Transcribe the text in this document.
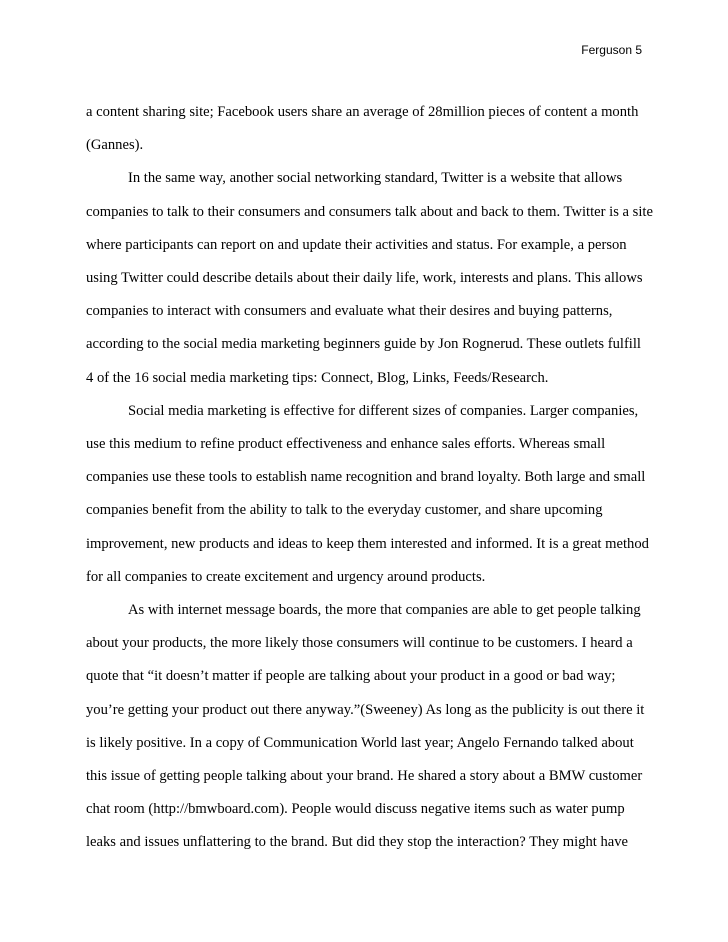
Ferguson 5
a content sharing site; Facebook users share an average of 28million pieces of content a month
(Gannes).
In the same way, another social networking standard, Twitter is a website that allows
companies to talk to their consumers and consumers talk about and back to them. Twitter is a site
where participants can report on and update their activities and status. For example, a person
using Twitter could describe details about their daily life, work, interests and plans. This allows
companies to interact with consumers and evaluate what their desires and buying patterns,
according to the social media marketing beginners guide by Jon Rognerud. These outlets fulfill
4 of the 16 social media marketing tips: Connect, Blog, Links, Feeds/Research.
Social media marketing is effective for different sizes of companies. Larger companies,
use this medium to refine product effectiveness and enhance sales efforts. Whereas small
companies use these tools to establish name recognition and brand loyalty. Both large and small
companies benefit from the ability to talk to the everyday customer, and share upcoming
improvement, new products and ideas to keep them interested and informed. It is a great method
for all companies to create excitement and urgency around products.
As with internet message boards, the more that companies are able to get people talking
about your products, the more likely those consumers will continue to be customers. I heard a
quote that “it doesn’t matter if people are talking about your product in a good or bad way;
you’re getting your product out there anyway.”(Sweeney) As long as the publicity is out there it
is likely positive. In a copy of Communication World last year; Angelo Fernando talked about
this issue of getting people talking about your brand. He shared a story about a BMW customer
chat room (http://bmwboard.com). People would discuss negative items such as water pump
leaks and issues unflattering to the brand. But did they stop the interaction? They might have
